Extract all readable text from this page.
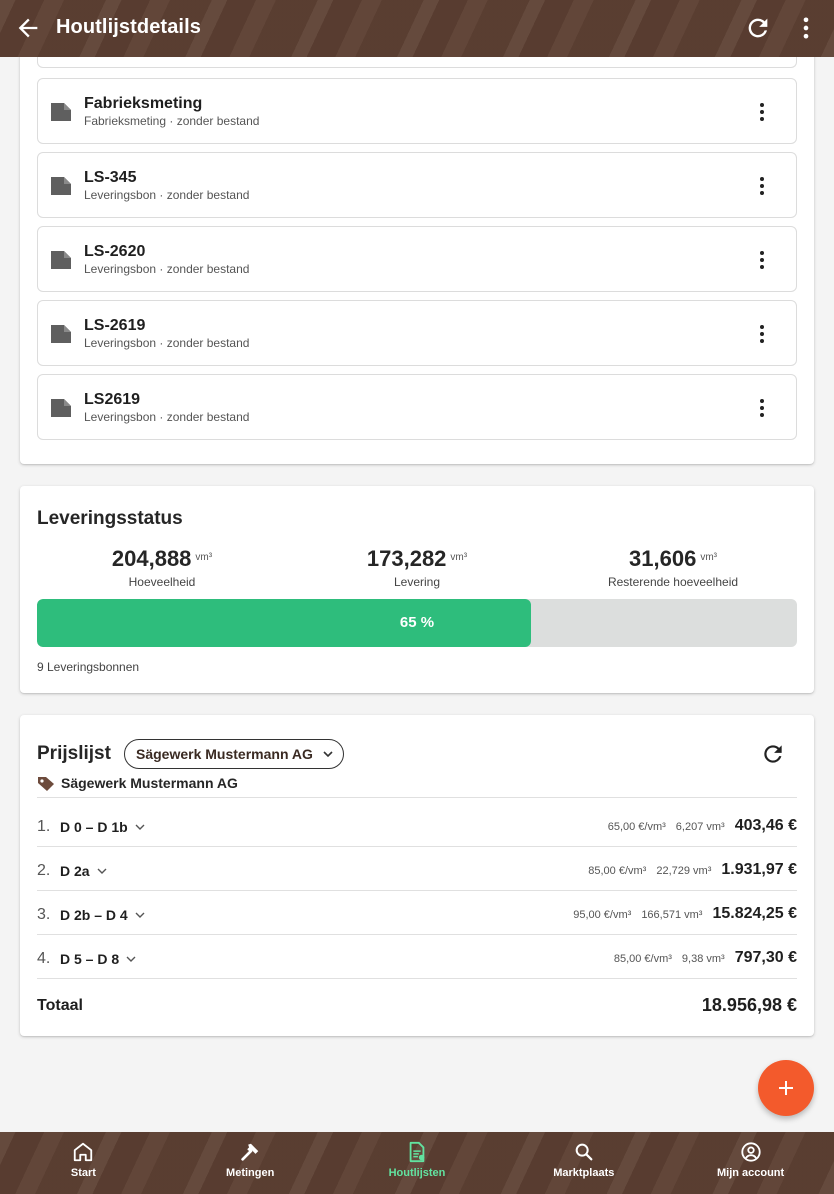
Houtlijstdetails
Fabrieksmeting
Fabrieksmeting · zonder bestand
LS-345
Leveringsbon · zonder bestand
LS-2620
Leveringsbon · zonder bestand
LS-2619
Leveringsbon · zonder bestand
LS2619
Leveringsbon · zonder bestand
Leveringsstatus
204,888 $^{vm^3}$
Hoeveelheid
173,282 $^{vm^3}$
Levering
31,606 $^{vm^3}$
Resterende hoeveelheid
65 %
9 Leveringsbonnen
Prijslijst	Sägewerk Mustermann AG
Sägewerk Mustermann AG
1. D 0 – D 1b	65,00 €/vm³ 6,207 vm³ 403,46 €
2. D 2a	85,00 €/vm³ 22,729 vm³ 1.931,97 €
3. D 2b – D 4	95,00 €/vm³ 166,571 vm³ 15.824,25 €
4. D 5 – D 8	85,00 €/vm³ 9,38 vm³ 797,30 €
Totaal	18.956,98 €
Start	Metingen	Houtlijsten	Marktplaats	Mijn account
